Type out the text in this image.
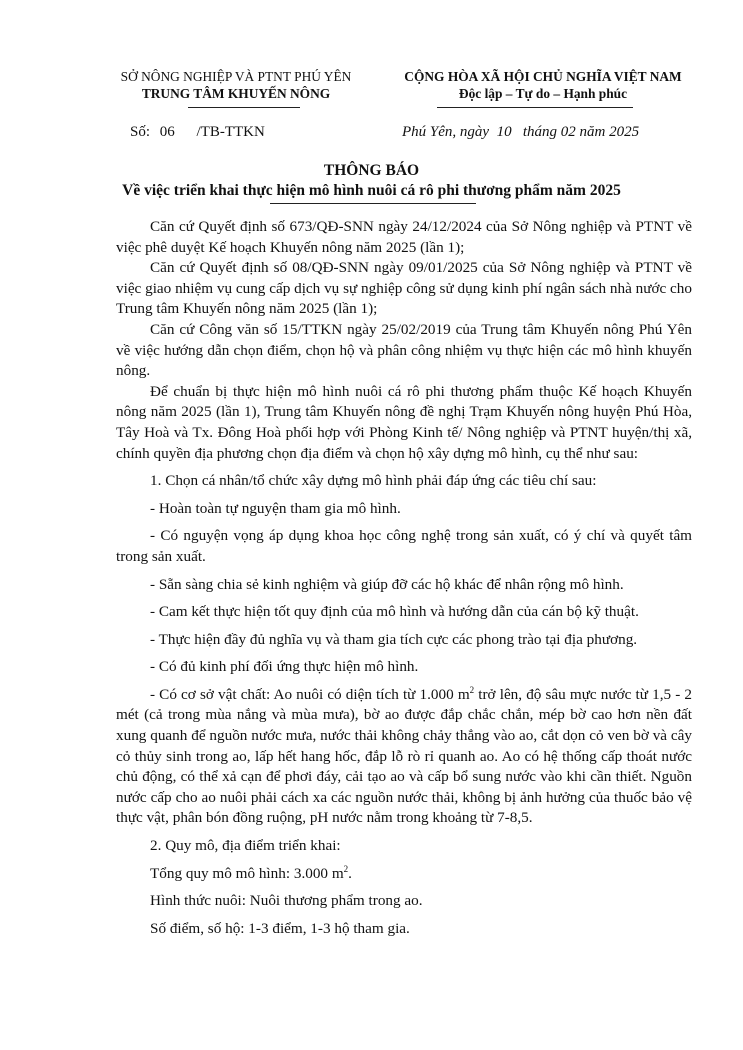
SỞ NÔNG NGHIỆP VÀ PTNT PHÚ YÊN
TRUNG TÂM KHUYẾN NÔNG
CỘNG HÒA XÃ HỘI CHỦ NGHĨA VIỆT NAM
Độc lập – Tự do – Hạnh phúc
Số: 06 /TB-TTKN	Phú Yên, ngày  10   tháng 02 năm 2025
THÔNG BÁO
Về việc triển khai thực hiện mô hình nuôi cá rô phi thương phẩm năm 2025

Căn cứ Quyết định số 673/QĐ-SNN ngày 24/12/2024 của Sở Nông nghiệp và PTNT về việc phê duyệt Kế hoạch Khuyến nông năm 2025 (lần 1);

Căn cứ Quyết định số 08/QĐ-SNN ngày 09/01/2025 của Sở Nông nghiệp và PTNT về việc giao nhiệm vụ cung cấp dịch vụ sự nghiệp công sử dụng kinh phí ngân sách nhà nước cho Trung tâm Khuyến nông năm 2025 (lần 1);

Căn cứ Công văn số 15/TTKN ngày 25/02/2019 của Trung tâm Khuyến nông Phú Yên về việc hướng dẫn chọn điểm, chọn hộ và phân công nhiệm vụ thực hiện các mô hình khuyến nông.

Để chuẩn bị thực hiện mô hình nuôi cá rô phi thương phẩm thuộc Kế hoạch Khuyến nông năm 2025 (lần 1), Trung tâm Khuyến nông đề nghị Trạm Khuyến nông huyện Phú Hòa, Tây Hoà và Tx. Đông Hoà phối hợp với Phòng Kinh tế/ Nông nghiệp và PTNT huyện/thị xã, chính quyền địa phương chọn địa điểm và chọn hộ xây dựng mô hình, cụ thể như sau:

1. Chọn cá nhân/tổ chức xây dựng mô hình phải đáp ứng các tiêu chí sau:

- Hoàn toàn tự nguyện tham gia mô hình.

- Có nguyện vọng áp dụng khoa học công nghệ trong sản xuất, có ý chí và quyết tâm trong sản xuất.

- Sẵn sàng chia sẻ kinh nghiệm và giúp đỡ các hộ khác để nhân rộng mô hình.

- Cam kết thực hiện tốt quy định của mô hình và hướng dẫn của cán bộ kỹ thuật.

- Thực hiện đầy đủ nghĩa vụ và tham gia tích cực các phong trào tại địa phương.

- Có đủ kinh phí đối ứng thực hiện mô hình.

- Có cơ sở vật chất: Ao nuôi có diện tích từ 1.000 $m^2$ trở lên, độ sâu mực nước từ 1,5 - 2 mét (cả trong mùa nắng và mùa mưa), bờ ao được đắp chắc chắn, mép bờ cao hơn nền đất xung quanh để nguồn nước mưa, nước thải không chảy thẳng vào ao, cắt dọn cỏ ven bờ và cây cỏ thủy sinh trong ao, lấp hết hang hốc, đắp lỗ rò rỉ quanh ao. Ao có hệ thống cấp thoát nước chủ động, có thể xả cạn để phơi đáy, cải tạo ao và cấp bổ sung nước vào khi cần thiết. Nguồn nước cấp cho ao nuôi phải cách xa các nguồn nước thải, không bị ảnh hưởng của thuốc bảo vệ thực vật, phân bón đồng ruộng, pH nước nằm trong khoảng từ 7-8,5.

2. Quy mô, địa điểm triển khai:

Tổng quy mô mô hình: 3.000 $m^2$.

Hình thức nuôi: Nuôi thương phẩm trong ao.

Số điểm, số hộ: 1-3 điểm, 1-3 hộ tham gia.
